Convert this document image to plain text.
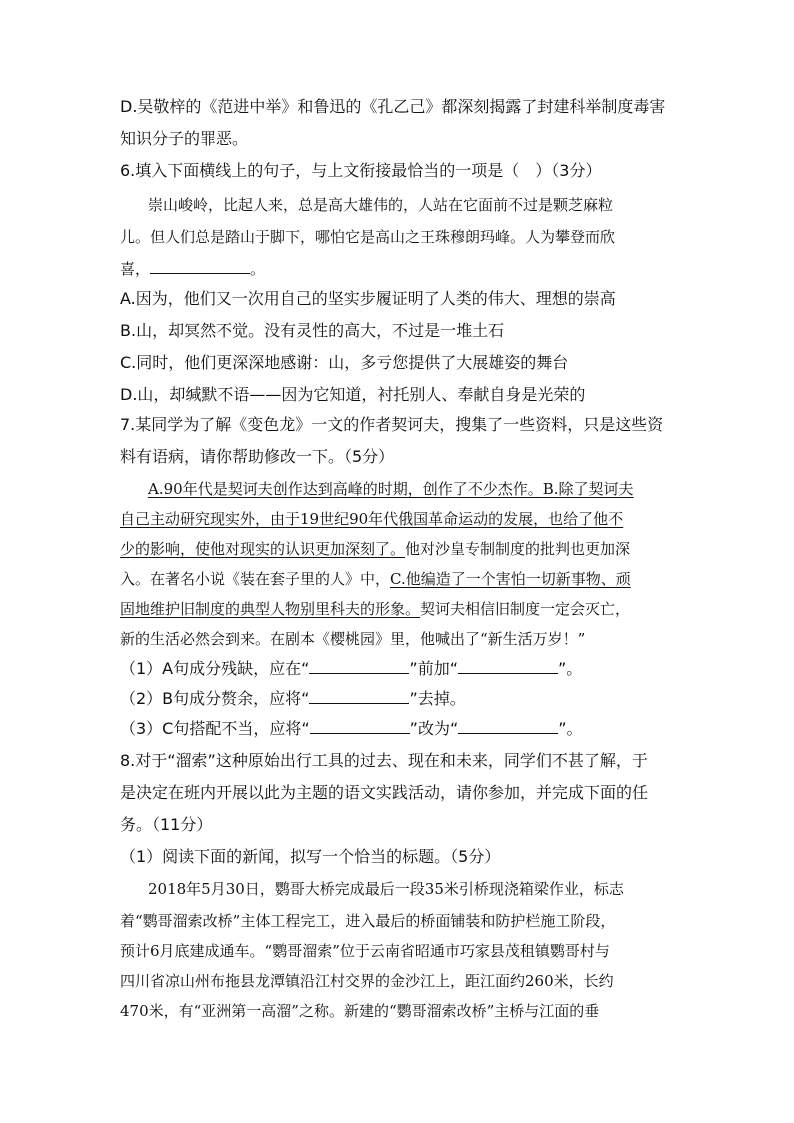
D.吴敬梓的《范进中举》和鲁迅的《孔乙己》都深刻揭露了封建科举制度毒害
知识分子的罪恶。
6.填入下面横线上的句子，与上文衔接最恰当的一项是（　）（3分）
崇山峻岭，比起人来，总是高大雄伟的，人站在它面前不过是颗芝麻粒
儿。但人们总是踏山于脚下，哪怕它是高山之王珠穆朗玛峰。人为攀登而欣
喜，	。
A.因为，他们又一次用自己的坚实步履证明了人类的伟大、理想的崇高
B.山，却冥然不觉。没有灵性的高大，不过是一堆土石
C.同时，他们更深深地感谢：山，多亏您提供了大展雄姿的舞台
D.山，却缄默不语——因为它知道，衬托别人、奉献自身是光荣的
7.某同学为了解《变色龙》一文的作者契诃夫，搜集了一些资料，只是这些资
料有语病，请你帮助修改一下。（5分）
A.90年代是契诃夫创作达到高峰的时期，创作了不少杰作。B.除了契诃夫
自己主动研究现实外，由于19世纪90年代俄国革命运动的发展，也给了他不
少的影响，使他对现实的认识更加深刻了。他对沙皇专制制度的批判也更加深
入。在著名小说《装在套子里的人》中，C.他编造了一个害怕一切新事物、顽
固地维护旧制度的典型人物别里科夫的形象。契诃夫相信旧制度一定会灭亡，
新的生活必然会到来。在剧本《樱桃园》里，他喊出了“新生活万岁！”
（1）A句成分残缺，应在“	”前加“	”。
（2）B句成分赘余，应将“	”去掉。
（3）C句搭配不当，应将“	”改为“	”。
8.对于“溜索”这种原始出行工具的过去、现在和未来，同学们不甚了解，于
是决定在班内开展以此为主题的语文实践活动，请你参加，并完成下面的任
务。（11分）
（1）阅读下面的新闻，拟写一个恰当的标题。（5分）
2018年5月30日，鹦哥大桥完成最后一段35米引桥现浇箱梁作业，标志
着“鹦哥溜索改桥”主体工程完工，进入最后的桥面铺装和防护栏施工阶段，
预计6月底建成通车。“鹦哥溜索”位于云南省昭通市巧家县茂租镇鹦哥村与
四川省凉山州布拖县龙潭镇沿江村交界的金沙江上，距江面约260米，长约
470米，有“亚洲第一高溜”之称。新建的“鹦哥溜索改桥”主桥与江面的垂
